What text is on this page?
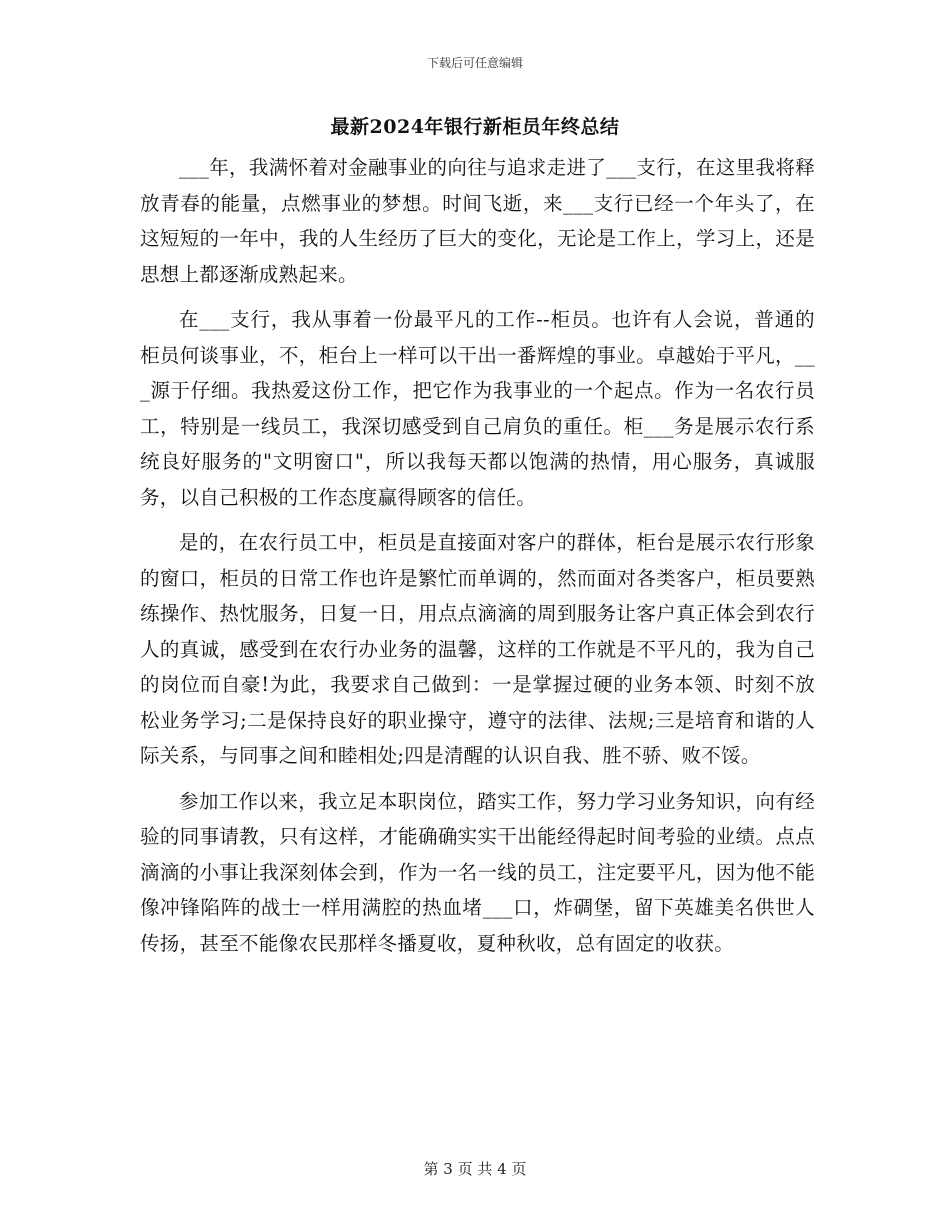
下载后可任意编辑
最新2024年银行新柜员年终总结

___年，我满怀着对金融事业的向往与追求走进了___支行，在这里我将释放青春的能量，点燃事业的梦想。时间飞逝，来___支行已经一个年头了，在这短短的一年中，我的人生经历了巨大的变化，无论是工作上，学习上，还是思想上都逐渐成熟起来。

在___支行，我从事着一份最平凡的工作--柜员。也许有人会说，普通的柜员何谈事业，不，柜台上一样可以干出一番辉煌的事业。卓越始于平凡，___源于仔细。我热爱这份工作，把它作为我事业的一个起点。作为一名农行员工，特别是一线员工，我深切感受到自己肩负的重任。柜___务是展示农行系统良好服务的"文明窗口"，所以我每天都以饱满的热情，用心服务，真诚服务，以自己积极的工作态度赢得顾客的信任。

是的，在农行员工中，柜员是直接面对客户的群体，柜台是展示农行形象的窗口，柜员的日常工作也许是繁忙而单调的，然而面对各类客户，柜员要熟练操作、热忱服务，日复一日，用点点滴滴的周到服务让客户真正体会到农行人的真诚，感受到在农行办业务的温馨，这样的工作就是不平凡的，我为自己的岗位而自豪!为此，我要求自己做到：一是掌握过硬的业务本领、时刻不放松业务学习;二是保持良好的职业操守，遵守的法律、法规;三是培育和谐的人际关系，与同事之间和睦相处;四是清醒的认识自我、胜不骄、败不馁。

参加工作以来，我立足本职岗位，踏实工作，努力学习业务知识，向有经验的同事请教，只有这样，才能确确实实干出能经得起时间考验的业绩。点点滴滴的小事让我深刻体会到，作为一名一线的员工，注定要平凡，因为他不能像冲锋陷阵的战士一样用满腔的热血堵___口，炸碉堡，留下英雄美名供世人传扬，甚至不能像农民那样冬播夏收，夏种秋收，总有固定的收获。

第 3 页 共 4 页
